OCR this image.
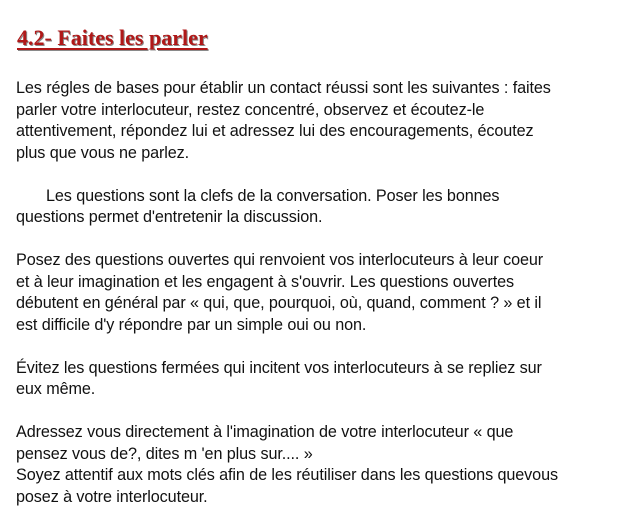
4.2- Faites les parler

Les régles de bases pour établir un contact réussi sont les suivantes : faites
parler votre interlocuteur, restez concentré, observez et écoutez-le
attentivement, répondez lui et adressez lui des encouragements, écoutez
plus que vous ne parlez.

Les questions sont la clefs de la conversation. Poser les bonnes
questions permet d'entretenir la discussion.

Posez des questions ouvertes qui renvoient vos interlocuteurs à leur coeur
et à leur imagination et les engagent à s'ouvrir. Les questions ouvertes
débutent en général par « qui, que, pourquoi, où, quand, comment ? » et il
est difficile d'y répondre par un simple oui ou non.

Évitez les questions fermées qui incitent vos interlocuteurs à se repliez sur
eux même.

Adressez vous directement à l'imagination de votre interlocuteur « que
pensez vous de?, dites m 'en plus sur.... »

Soyez attentif aux mots clés afin de les réutiliser dans les questions quevous
posez à votre interlocuteur.
